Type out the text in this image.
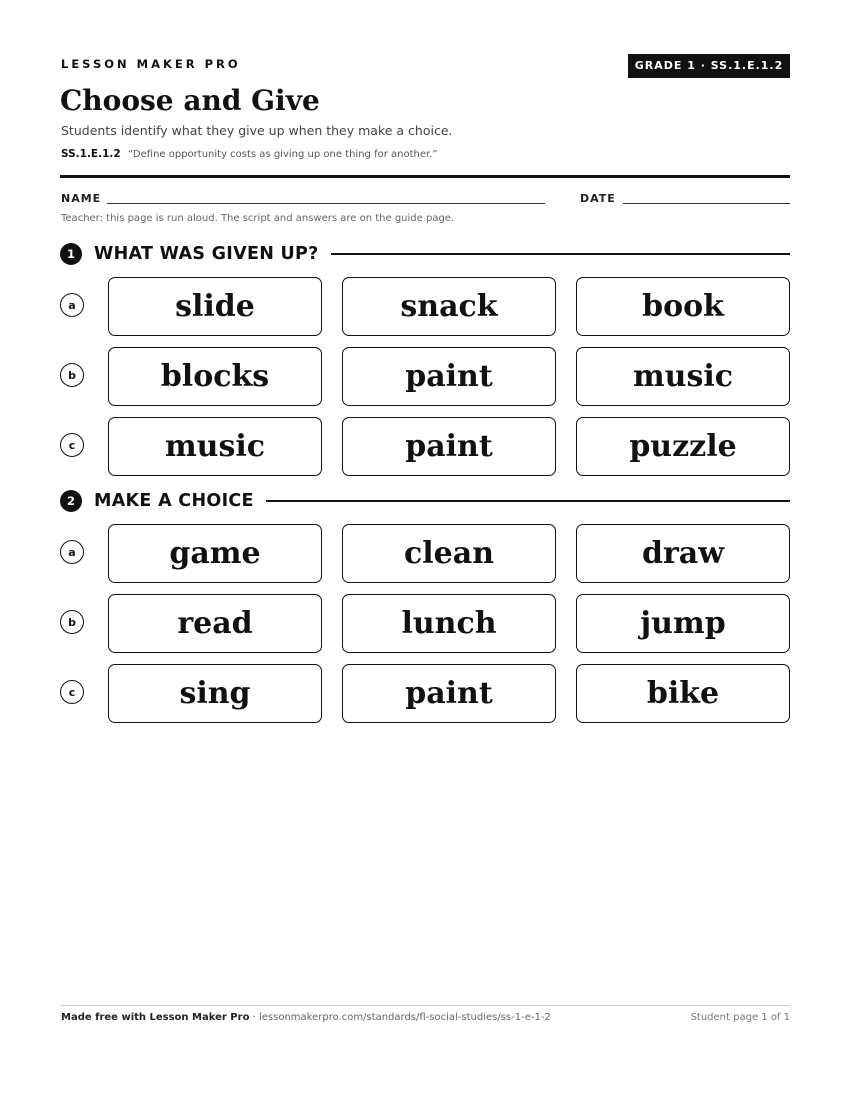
LESSON MAKER PRO	GRADE 1 · SS.1.E.1.2
Choose and Give
Students identify what they give up when they make a choice.
SS.1.E.1.2 “Define opportunity costs as giving up one thing for another.”
NAME	DATE
Teacher: this page is run aloud. The script and answers are on the guide page.
1	WHAT WAS GIVEN UP?
a	slide	snack	book
b	blocks	paint	music
c	music	paint	puzzle
2	MAKE A CHOICE
a	game	clean	draw
b	read	lunch	jump
c	sing	paint	bike
Made free with Lesson Maker Pro · lessonmakerpro.com/standards/fl-social-studies/ss-1-e-1-2	Student page 1 of 1
